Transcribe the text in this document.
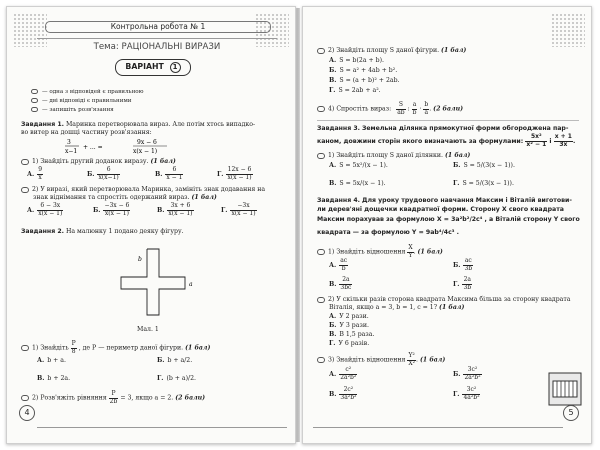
Контрольна робота № 1
Тема: РАЦІОНАЛЬНІ ВИРАЗИ
ВАРІАНТ 1
— одна з відповідей є правильною
— дві відповіді є правильними
— запишіть розв'язання
Завдання 1. Маринка перетворювала вираз. Але потім хтось випадко-
во витер на дошці частину розв'язання:
3
x−1
+ ... =
9x − 6
x(x − 1)
1) Знайдіть другий доданок виразу. (1 бал)
А. $\frac{9}{x}$	Б. $\frac{6}{x(x-1)}$	В. $\frac{6}{x - 1}$	Г. $\frac{12x - 6}{x(x - 1)}$
2) У виразі, який перетворювала Маринка, замініть знак додавання на
знак віднімання та спростіть одержаний вираз. (1 бал)
А. $\frac{6 - 3x}{x(x - 1)}$	Б. $\frac{-3x - 6}{x(x - 1)}$	В. $\frac{3x + 6}{x(x - 1)}$	Г. $\frac{-3x}{x(x - 1)}$
Завдання 2. На малюнку 1 подано деяку фігуру.
b
a
Мал. 1
1) Знайдіть $\frac{P}{8}$ , де P — периметр даної фігури. (1 бал)
А. b + a.	Б. b + a/2.
В. b + 2a.	Г. (b + a)/2.
2) Розв'яжіть рівняння $\frac{P}{2b} = 3$, якщо a = 2. (2 бали)
4
2) Знайдіть площу S даної фігури. (1 бал)
А. S = b(2a + b).
Б. S = a² + 4ab + b².
В. S = (a + b)² + 2ab.
Г. S = 2ab + a².
4) Спростіть вираз: $\frac{S}{ab}$ : $\frac{a}{b} \cdot \frac{b}{a}$ . (2 бали)
Завдання 3. Земельна ділянка прямокутної форми обгороджена пар-
каном, довжини сторін якого визначають за формулами: $\frac{\text{5x²}}{\text{x² − 1}}$ і $\frac{x + 1}{3x}$ .
1) Знайдіть площу S даної ділянки. (1 бал)
А. S = 5x²/(x − 1).	Б. S = 5/(3(x − 1)).
В. S = 5x/(x − 1).	Г. S = 5/(3(x − 1)).
Завдання 4. Для уроку трудового навчання Максим і Віталій виготови-
ли дерев'яні дощечки квадратної форми. Сторону X свого квадрата
Максим порахував за формулою X = 3a²b²/2c⁴ , а Віталій сторону Y свого
квадрата — за формулою Y = 9ab⁴/4c³ .
1) Знайдіть відношення $\frac{X}{Y}$ . (1 бал)
А. $\frac{ac}{b}$	Б. $\frac{ac}{3b}$
В. $\frac{2a}{3bc}$	Г. $\frac{2a}{3b}$
2) У скільки разів сторона квадрата Максима більша за сторону квадрата
Віталія, якщо a = 3, b = 1, c = 1? (1 бал)
А. У 2 рази.
Б. У 3 рази.
В. В 1,5 раза.
Г. У 6 разів.
3) Знайдіть відношення $\frac{\text{Y²}}{\text{X²}}$ . (1 бал)
А. $\frac{\text{c²}}{\text{2a²b²}}$	Б. $\frac{\text{3c²}}{\text{2a²b²}}$
В. $\frac{\text{2c²}}{\text{3a²b²}}$	Г. $\frac{\text{3c²}}{\text{4a²b²}}$
5
